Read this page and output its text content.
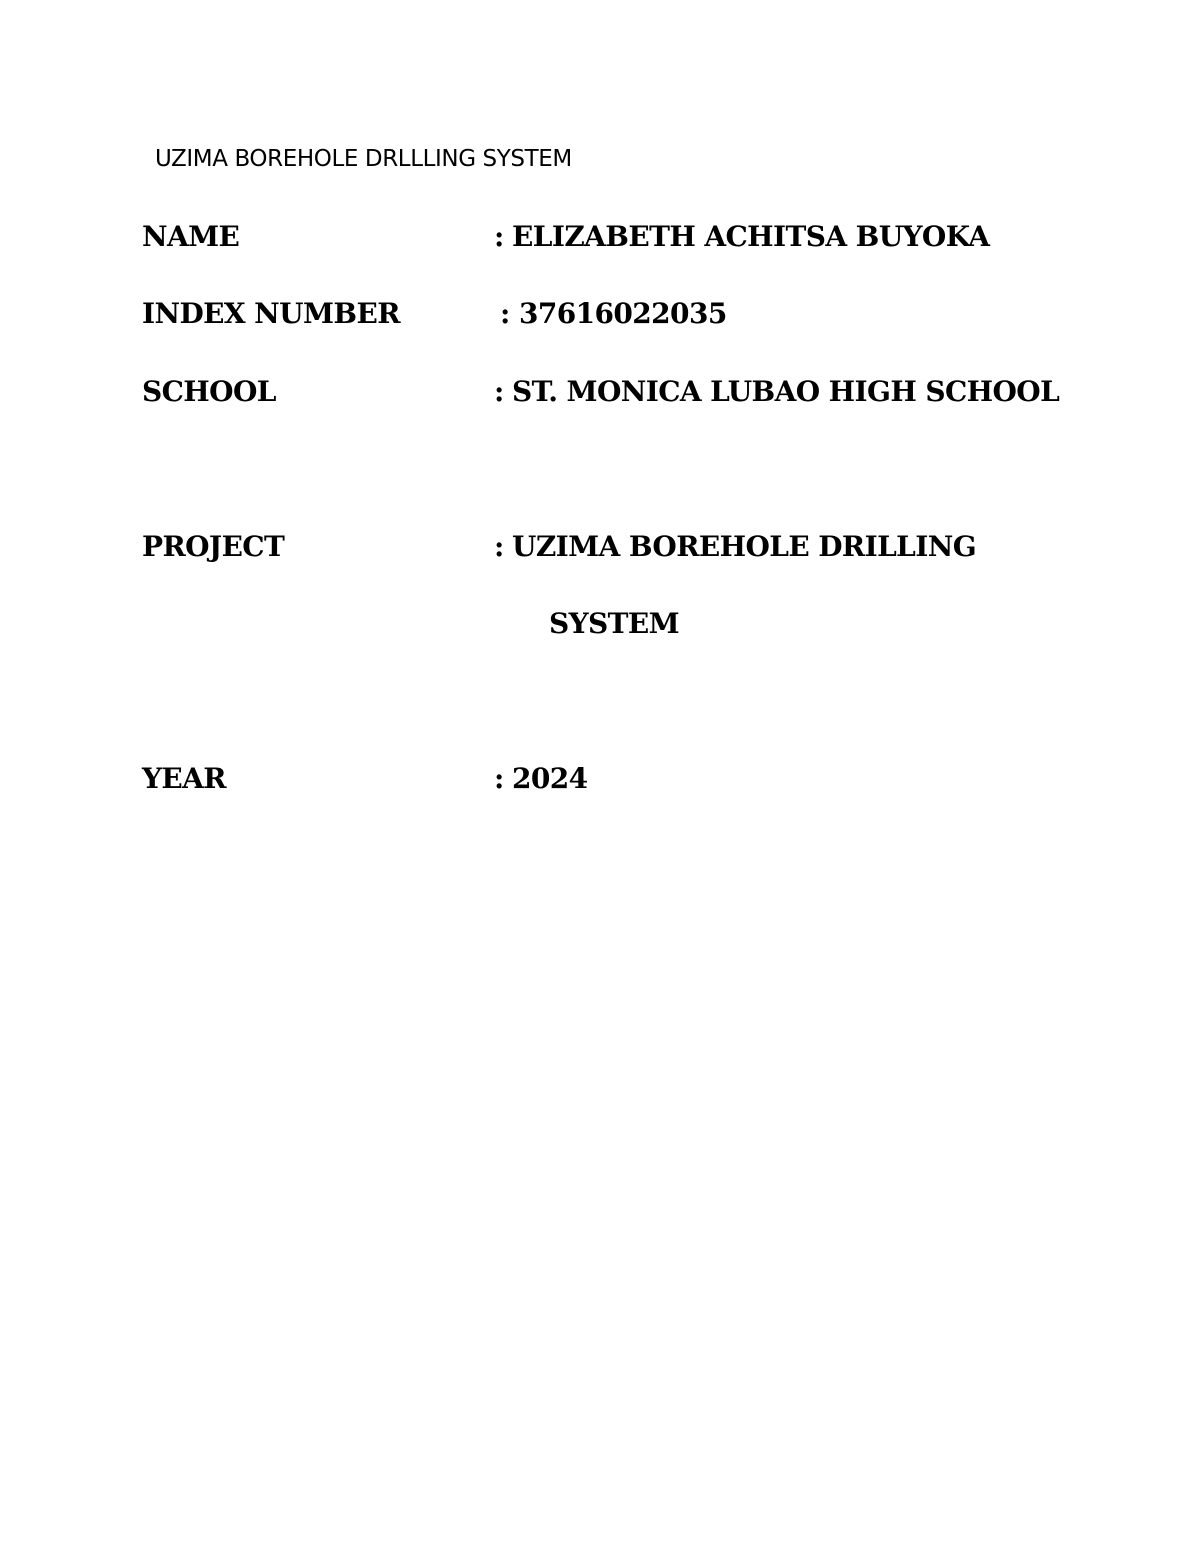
UZIMA BOREHOLE DRLLLING SYSTEM
NAME	: ELIZABETH ACHITSA BUYOKA
INDEX NUMBER	: 37616022035
SCHOOL	: ST. MONICA LUBAO HIGH SCHOOL
PROJECT	: UZIMA BOREHOLE DRILLING
SYSTEM
YEAR	: 2024
